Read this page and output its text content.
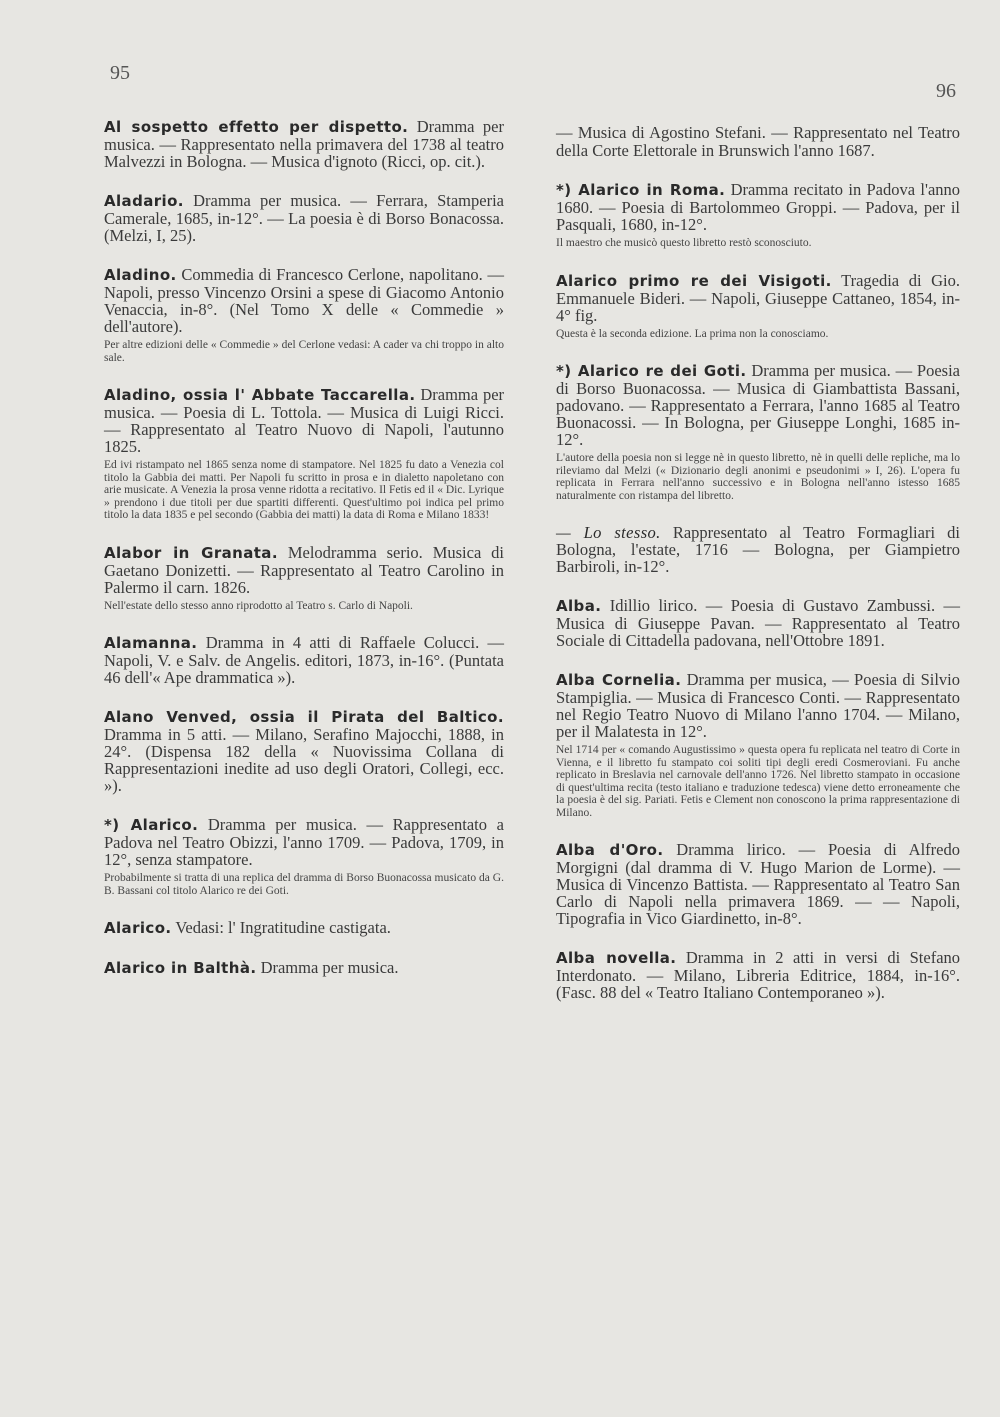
95
96
Al sospetto effetto per dispetto. Dramma per musica. — Rappresentato nella primavera del 1738 al teatro Malvezzi in Bologna. — Musica d'ignoto (Ricci, op. cit.).
Aladario. Dramma per musica. — Ferrara, Stamperia Camerale, 1685, in-12°. — La poesia è di Borso Bonacossa. (Melzi, I, 25).
Aladino. Commedia di Francesco Cerlone, napolitano. — Napoli, presso Vincenzo Orsini a spese di Giacomo Antonio Venaccia, in-8°. (Nel Tomo X delle « Commedie » dell'autore).
Per altre edizioni delle « Commedie » del Cerlone vedasi: A cader va chi troppo in alto sale.
Aladino, ossia l' Abbate Taccarella. Dramma per musica. — Poesia di L. Tottola. — Musica di Luigi Ricci. — Rappresentato al Teatro Nuovo di Napoli, l'autunno 1825.
Ed ivi ristampato nel 1865 senza nome di stampatore. Nel 1825 fu dato a Venezia col titolo la Gabbia dei matti. Per Napoli fu scritto in prosa e in dialetto napoletano con arie musicate. A Venezia la prosa venne ridotta a recitativo. Il Fetis ed il « Dic. Lyrique » prendono i due titoli per due spartiti differenti. Quest'ultimo poi indica pel primo titolo la data 1835 e pel secondo (Gabbia dei matti) la data di Roma e Milano 1833!
Alabor in Granata. Melodramma serio. Musica di Gaetano Donizetti. — Rappresentato al Teatro Carolino in Palermo il carn. 1826.
Nell'estate dello stesso anno riprodotto al Teatro s. Carlo di Napoli.
Alamanna. Dramma in 4 atti di Raffaele Colucci. — Napoli, V. e Salv. de Angelis. editori, 1873, in-16°. (Puntata 46 dell'« Ape drammatica »).
Alano Venved, ossia il Pirata del Baltico. Dramma in 5 atti. — Milano, Serafino Majocchi, 1888, in 24°. (Dispensa 182 della « Nuovissima Collana di Rappresentazioni inedite ad uso degli Oratori, Collegi, ecc. »).
*) Alarico. Dramma per musica. — Rappresentato a Padova nel Teatro Obizzi, l'anno 1709. — Padova, 1709, in 12°, senza stampatore.
Probabilmente si tratta di una replica del dramma di Borso Buonacossa musicato da G. B. Bassani col titolo Alarico re dei Goti.
Alarico. Vedasi: l' Ingratitudine castigata.
Alarico in Balthà. Dramma per musica.
— Musica di Agostino Stefani. — Rappresentato nel Teatro della Corte Elettorale in Brunswich l'anno 1687.
*) Alarico in Roma. Dramma recitato in Padova l'anno 1680. — Poesia di Bartolommeo Groppi. — Padova, per il Pasquali, 1680, in-12°.
Il maestro che musicò questo libretto restò sconosciuto.
Alarico primo re dei Visigoti. Tragedia di Gio. Emmanuele Bideri. — Napoli, Giuseppe Cattaneo, 1854, in-4° fig.
Questa è la seconda edizione. La prima non la conosciamo.
*) Alarico re dei Goti. Dramma per musica. — Poesia di Borso Buonacossa. — Musica di Giambattista Bassani, padovano. — Rappresentato a Ferrara, l'anno 1685 al Teatro Buonacossi. — In Bologna, per Giuseppe Longhi, 1685 in-12°.
L'autore della poesia non si legge nè in questo libretto, nè in quelli delle repliche, ma lo rileviamo dal Melzi (« Dizionario degli anonimi e pseudonimi » I, 26). L'opera fu replicata in Ferrara nell'anno successivo e in Bologna nell'anno istesso 1685 naturalmente con ristampa del libretto.
— Lo stesso. Rappresentato al Teatro Formagliari di Bologna, l'estate, 1716 — Bologna, per Giampietro Barbiroli, in-12°.
Alba. Idillio lirico. — Poesia di Gustavo Zambussi. — Musica di Giuseppe Pavan. — Rappresentato al Teatro Sociale di Cittadella padovana, nell'Ottobre 1891.
Alba Cornelia. Dramma per musica, — Poesia di Silvio Stampiglia. — Musica di Francesco Conti. — Rappresentato nel Regio Teatro Nuovo di Milano l'anno 1704. — Milano, per il Malatesta in 12°.
Nel 1714 per « comando Augustissimo » questa opera fu replicata nel teatro di Corte in Vienna, e il libretto fu stampato coi soliti tipi degli eredi Cosmeroviani. Fu anche replicato in Breslavia nel carnovale dell'anno 1726. Nel libretto stampato in occasione di quest'ultima recita (testo italiano e traduzione tedesca) viene detto erroneamente che la poesia è del sig. Pariati. Fetis e Clement non conoscono la prima rappresentazione di Milano.
Alba d'Oro. Dramma lirico. — Poesia di Alfredo Morgigni (dal dramma di V. Hugo Marion de Lorme). — Musica di Vincenzo Battista. — Rappresentato al Teatro San Carlo di Napoli nella primavera 1869. — — Napoli, Tipografia in Vico Giardinetto, in-8°.
Alba novella. Dramma in 2 atti in versi di Stefano Interdonato. — Milano, Libreria Editrice, 1884, in-16°. (Fasc. 88 del « Teatro Italiano Contemporaneo »).
